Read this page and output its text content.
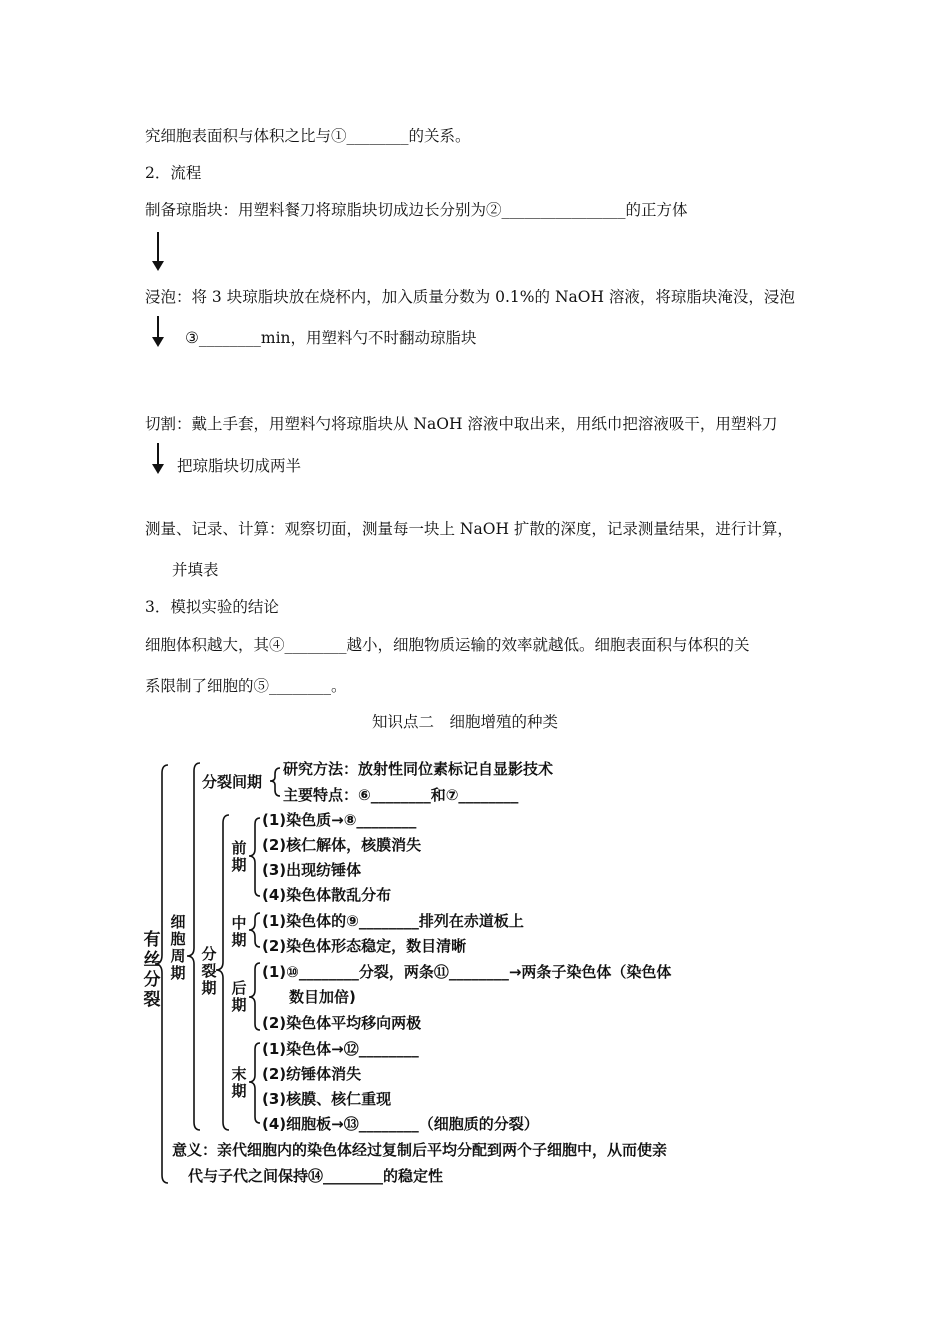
究细胞表面积与体积之比与①________的关系。
2．流程
制备琼脂块：用塑料餐刀将琼脂块切成边长分别为②________________的正方体
浸泡：将 3 块琼脂块放在烧杯内，加入质量分数为 0.1%的 NaOH 溶液，将琼脂块淹没，浸泡
③________min，用塑料勺不时翻动琼脂块
切割：戴上手套，用塑料勺将琼脂块从 NaOH 溶液中取出来，用纸巾把溶液吸干，用塑料刀
把琼脂块切成两半
测量、记录、计算：观察切面，测量每一块上 NaOH 扩散的深度，记录测量结果，进行计算，
并填表
3．模拟实验的结论
细胞体积越大，其④________越小，细胞物质运输的效率就越低。细胞表面积与体积的关
系限制了细胞的⑤________。
知识点二　细胞增殖的种类
有丝分裂
细胞周期
分裂期
前期
中期
后期
末期
分裂间期
研究方法：放射性同位素标记自显影技术
主要特点：⑥________和⑦________
(1)染色质→⑧________
(2)核仁解体，核膜消失
(3)出现纺锤体
(4)染色体散乱分布
(1)染色体的⑨________排列在赤道板上
(2)染色体形态稳定，数目清晰
(1)⑩________分裂，两条⑪________→两条子染色体（染色体
数目加倍)
(2)染色体平均移向两极
(1)染色体→⑫________
(2)纺锤体消失
(3)核膜、核仁重现
(4)细胞板→⑬________（细胞质的分裂）
意义：亲代细胞内的染色体经过复制后平均分配到两个子细胞中，从而使亲
代与子代之间保持⑭________的稳定性
